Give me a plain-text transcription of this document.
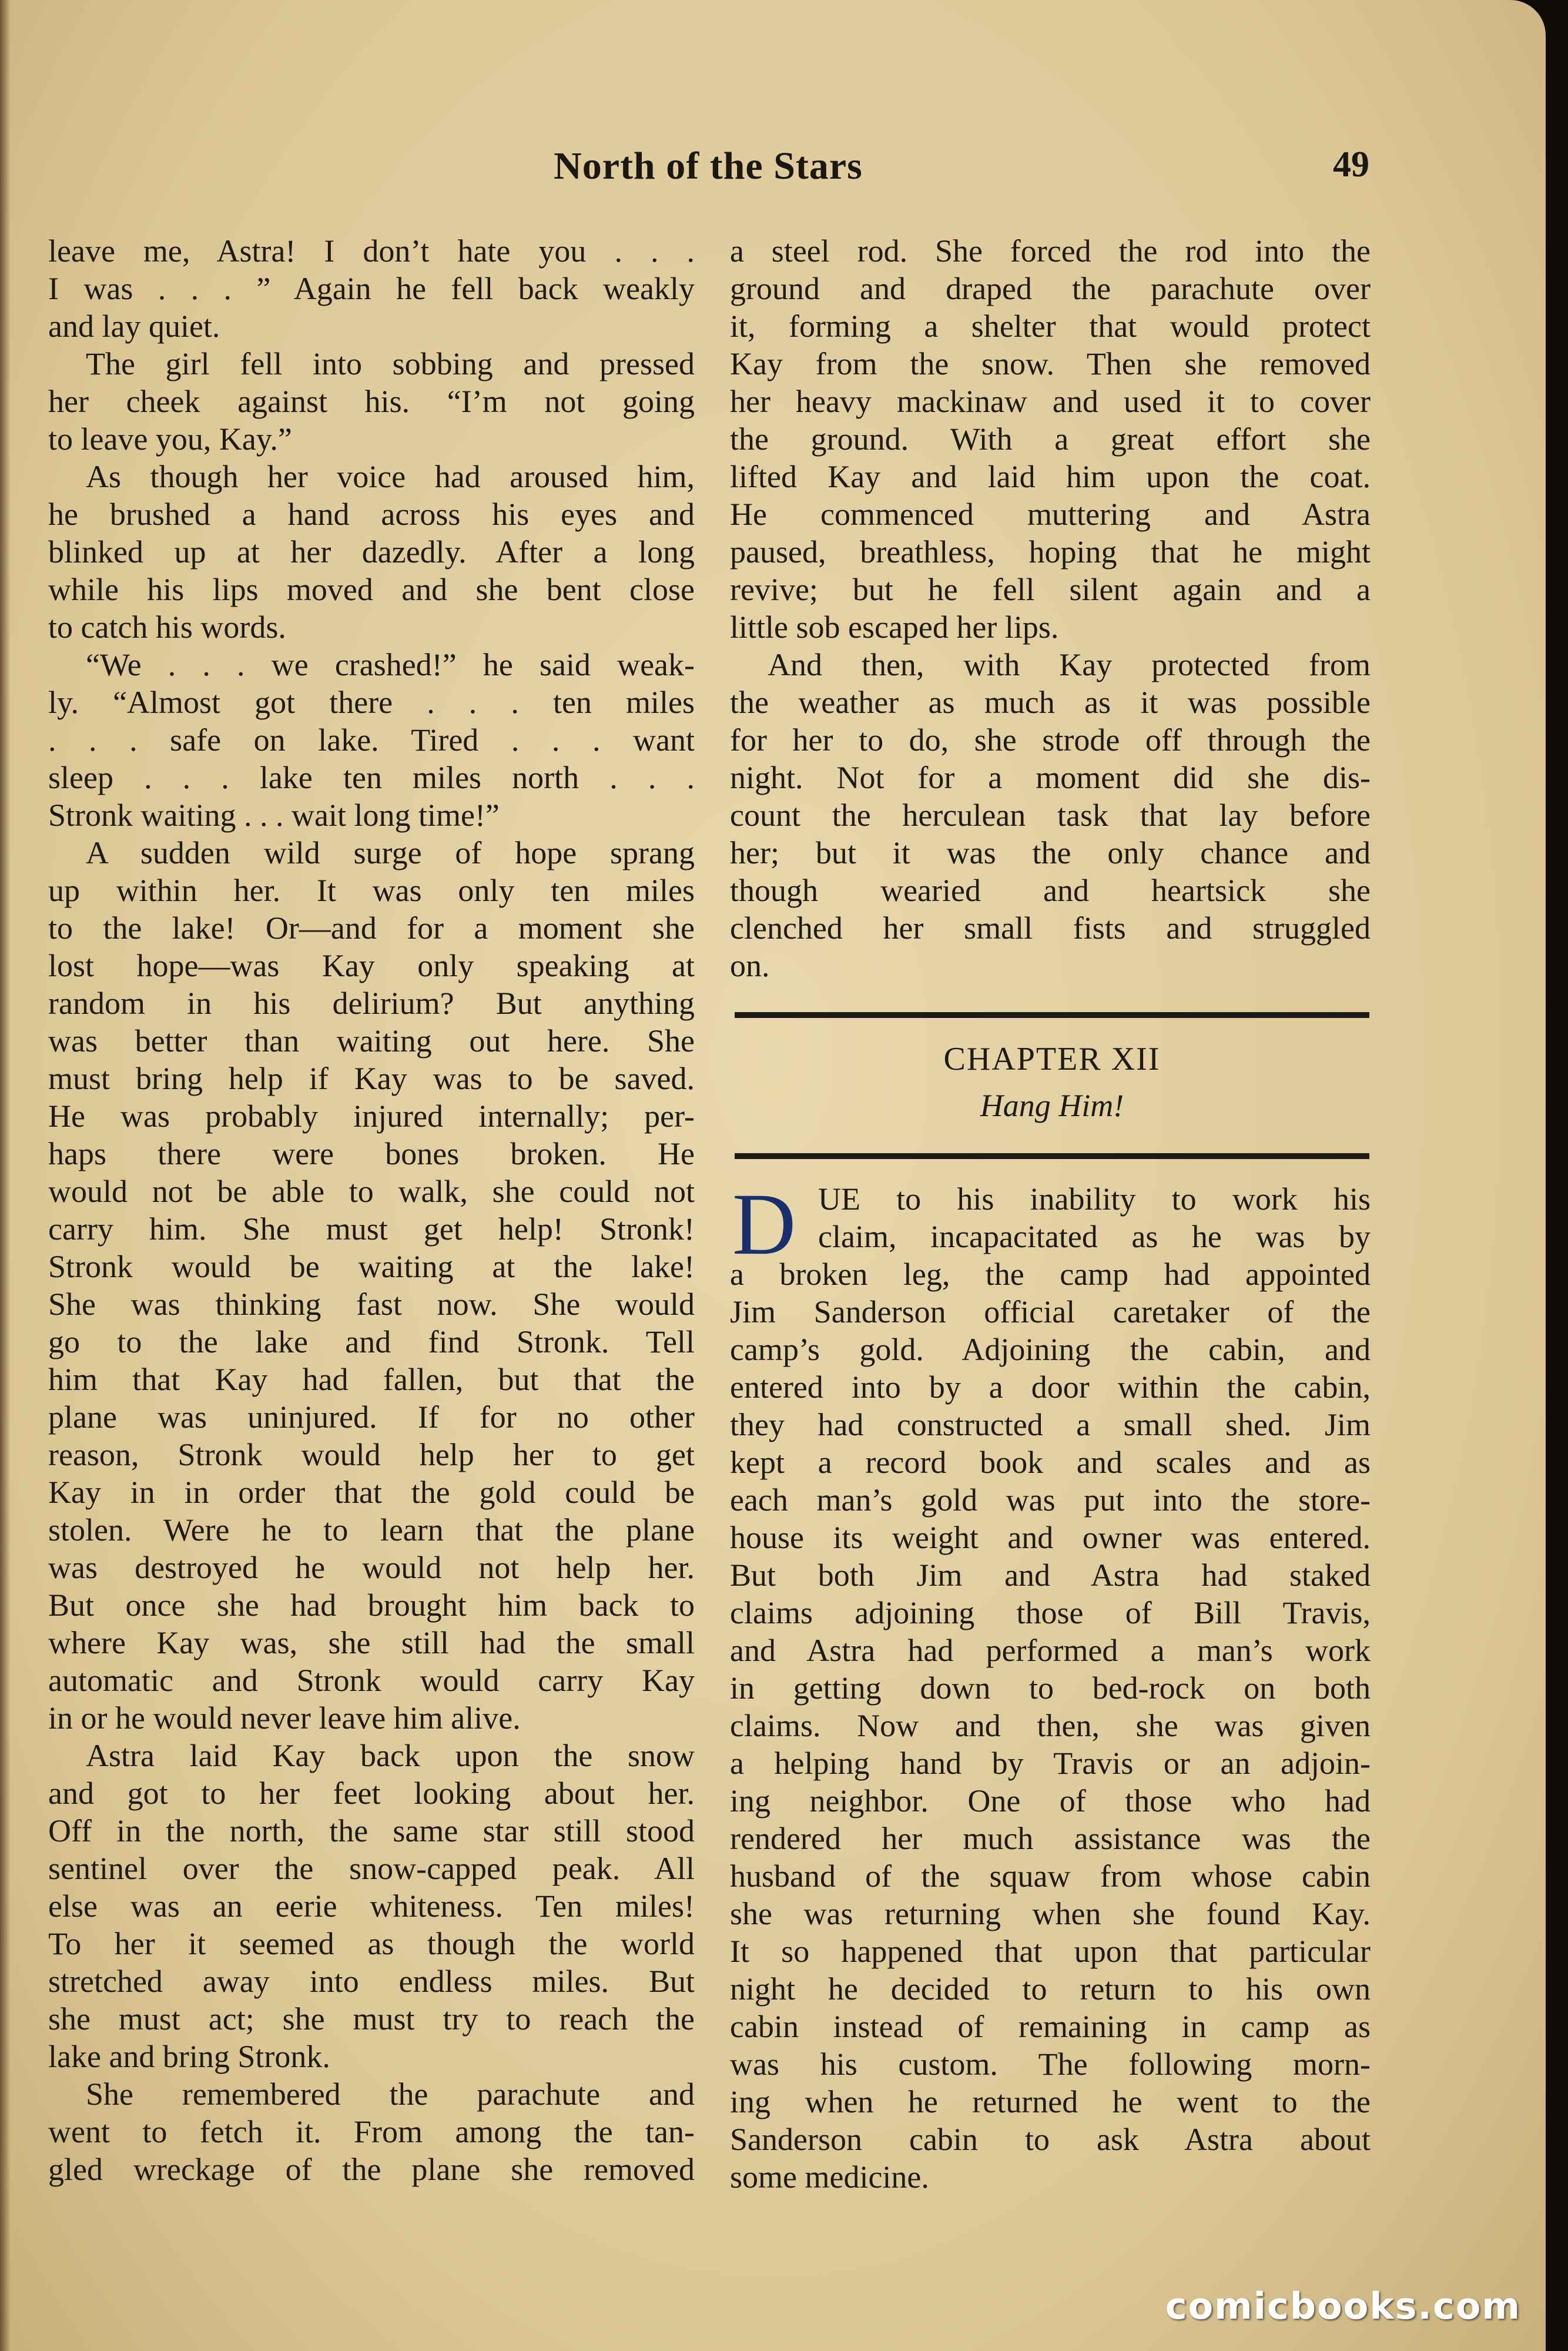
North of the Stars	49
leave me, Astra! I don’t hate you . . .
I was . . . ” Again he fell back weakly
and lay quiet.
The girl fell into sobbing and pressed
her cheek against his. “I’m not going
to leave you, Kay.”
As though her voice had aroused him,
he brushed a hand across his eyes and
blinked up at her dazedly. After a long
while his lips moved and she bent close
to catch his words.
“We . . . we crashed!” he said weak-
ly. “Almost got there . . . ten miles
. . . safe on lake. Tired . . . want
sleep . . . lake ten miles north . . .
Stronk waiting . . . wait long time!”
A sudden wild surge of hope sprang
up within her. It was only ten miles
to the lake! Or—and for a moment she
lost hope—was Kay only speaking at
random in his delirium? But anything
was better than waiting out here. She
must bring help if Kay was to be saved.
He was probably injured internally; per-
haps there were bones broken. He
would not be able to walk, she could not
carry him. She must get help! Stronk!
Stronk would be waiting at the lake!
She was thinking fast now. She would
go to the lake and find Stronk. Tell
him that Kay had fallen, but that the
plane was uninjured. If for no other
reason, Stronk would help her to get
Kay in in order that the gold could be
stolen. Were he to learn that the plane
was destroyed he would not help her.
But once she had brought him back to
where Kay was, she still had the small
automatic and Stronk would carry Kay
in or he would never leave him alive.
Astra laid Kay back upon the snow
and got to her feet looking about her.
Off in the north, the same star still stood
sentinel over the snow-capped peak. All
else was an eerie whiteness. Ten miles!
To her it seemed as though the world
stretched away into endless miles. But
she must act; she must try to reach the
lake and bring Stronk.
She remembered the parachute and
went to fetch it. From among the tan-
gled wreckage of the plane she removed
a steel rod. She forced the rod into the
ground and draped the parachute over
it, forming a shelter that would protect
Kay from the snow. Then she removed
her heavy mackinaw and used it to cover
the ground. With a great effort she
lifted Kay and laid him upon the coat.
He commenced muttering and Astra
paused, breathless, hoping that he might
revive; but he fell silent again and a
little sob escaped her lips.
And then, with Kay protected from
the weather as much as it was possible
for her to do, she strode off through the
night. Not for a moment did she dis-
count the herculean task that lay before
her; but it was the only chance and
though wearied and heartsick she
clenched her small fists and struggled
on.
CHAPTER XII
Hang Him!
D UE to his inability to work his
claim, incapacitated as he was by
a broken leg, the camp had appointed
Jim Sanderson official caretaker of the
camp’s gold. Adjoining the cabin, and
entered into by a door within the cabin,
they had constructed a small shed. Jim
kept a record book and scales and as
each man’s gold was put into the store-
house its weight and owner was entered.
But both Jim and Astra had staked
claims adjoining those of Bill Travis,
and Astra had performed a man’s work
in getting down to bed-rock on both
claims. Now and then, she was given
a helping hand by Travis or an adjoin-
ing neighbor. One of those who had
rendered her much assistance was the
husband of the squaw from whose cabin
she was returning when she found Kay.
It so happened that upon that particular
night he decided to return to his own
cabin instead of remaining in camp as
was his custom. The following morn-
ing when he returned he went to the
Sanderson cabin to ask Astra about
some medicine.
comicbooks.com
